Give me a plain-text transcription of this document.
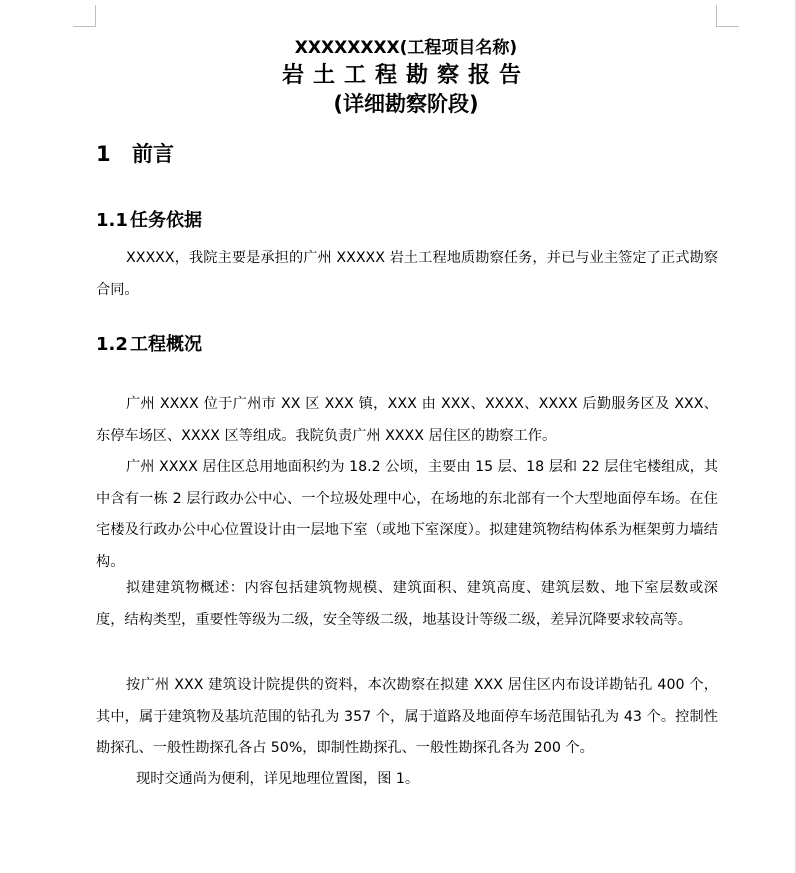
XXXXXXXX(工程项目名称)
岩土工程勘察报告
(详细勘察阶段)
1 前言
1.1 任务依据
XXXXX，我院主要是承担的广州 XXXXX 岩土工程地质勘察任务，并已与业主签定了正式勘察合同。
1.2 工程概况
广州 XXXX 位于广州市 XX 区 XXX 镇，XXX 由 XXX、XXXX、XXXX 后勤服务区及 XXX、东停车场区、XXXX 区等组成。我院负责广州 XXXX 居住区的勘察工作。
广州 XXXX 居住区总用地面积约为 18.2 公顷，主要由 15 层、18 层和 22 层住宅楼组成，其中含有一栋 2 层行政办公中心、一个垃圾处理中心，在场地的东北部有一个大型地面停车场。在住宅楼及行政办公中心位置设计由一层地下室（或地下室深度）。拟建建筑物结构体系为框架剪力墙结构。
拟建建筑物概述：内容包括建筑物规模、建筑面积、建筑高度、建筑层数、地下室层数或深度，结构类型，重要性等级为二级，安全等级二级，地基设计等级二级，差异沉降要求较高等。
按广州 XXX 建筑设计院提供的资料，本次勘察在拟建 XXX 居住区内布设详勘钻孔 400 个，其中，属于建筑物及基坑范围的钻孔为 357 个，属于道路及地面停车场范围钻孔为 43 个。控制性勘探孔、一般性勘探孔各占 50%，即制性勘探孔、一般性勘探孔各为 200 个。
现时交通尚为便利，详见地理位置图，图 1。
